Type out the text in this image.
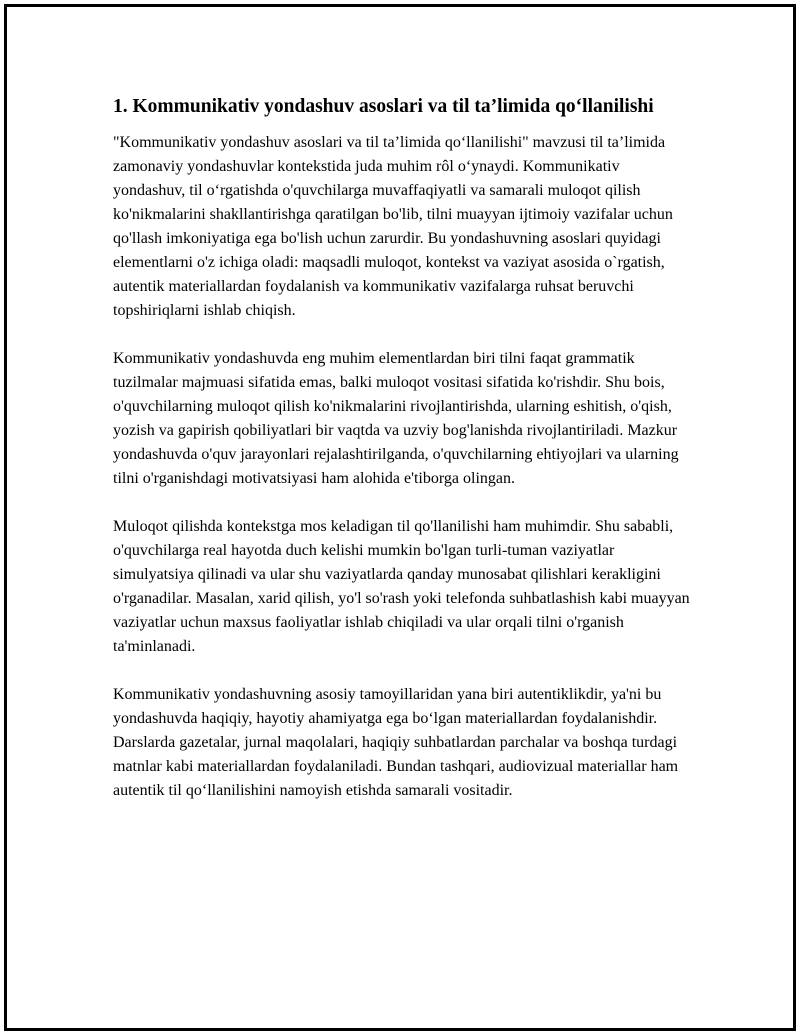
1. Kommunikativ yondashuv asoslari va til ta’limida qo‘llanilishi

"Kommunikativ yondashuv asoslari va til ta’limida qo‘llanilishi" mavzusi til ta’limida zamonaviy yondashuvlar kontekstida juda muhim rôl o‘ynaydi. Kommunikativ yondashuv, til o‘rgatishda o'quvchilarga muvaffaqiyatli va samarali muloqot qilish ko'nikmalarini shakllantirishga qaratilgan bo'lib, tilni muayyan ijtimoiy vazifalar uchun qo'llash imkoniyatiga ega bo'lish uchun zarurdir. Bu yondashuvning asoslari quyidagi elementlarni o'z ichiga oladi: maqsadli muloqot, kontekst va vaziyat asosida o`rgatish, autentik materiallardan foydalanish va kommunikativ vazifalarga ruhsat beruvchi topshiriqlarni ishlab chiqish.

Kommunikativ yondashuvda eng muhim elementlardan biri tilni faqat grammatik tuzilmalar majmuasi sifatida emas, balki muloqot vositasi sifatida ko'rishdir. Shu bois, o'quvchilarning muloqot qilish ko'nikmalarini rivojlantirishda, ularning eshitish, o'qish, yozish va gapirish qobiliyatlari bir vaqtda va uzviy bog'lanishda rivojlantiriladi. Mazkur yondashuvda o'quv jarayonlari rejalashtirilganda, o'quvchilarning ehtiyojlari va ularning tilni o'rganishdagi motivatsiyasi ham alohida e'tiborga olingan.

Muloqot qilishda kontekstga mos keladigan til qo'llanilishi ham muhimdir. Shu sababli, o'quvchilarga real hayotda duch kelishi mumkin bo'lgan turli-tuman vaziyatlar simulyatsiya qilinadi va ular shu vaziyatlarda qanday munosabat qilishlari kerakligini o'rganadilar. Masalan, xarid qilish, yo'l so'rash yoki telefonda suhbatlashish kabi muayyan vaziyatlar uchun maxsus faoliyatlar ishlab chiqiladi va ular orqali tilni o'rganish ta'minlanadi.

Kommunikativ yondashuvning asosiy tamoyillaridan yana biri autentiklikdir, ya'ni bu yondashuvda haqiqiy, hayotiy ahamiyatga ega bo‘lgan materiallardan foydalanishdir. Darslarda gazetalar, jurnal maqolalari, haqiqiy suhbatlardan parchalar va boshqa turdagi matnlar kabi materiallardan foydalaniladi. Bundan tashqari, audiovizual materiallar ham autentik til qo‘llanilishini namoyish etishda samarali vositadir.
